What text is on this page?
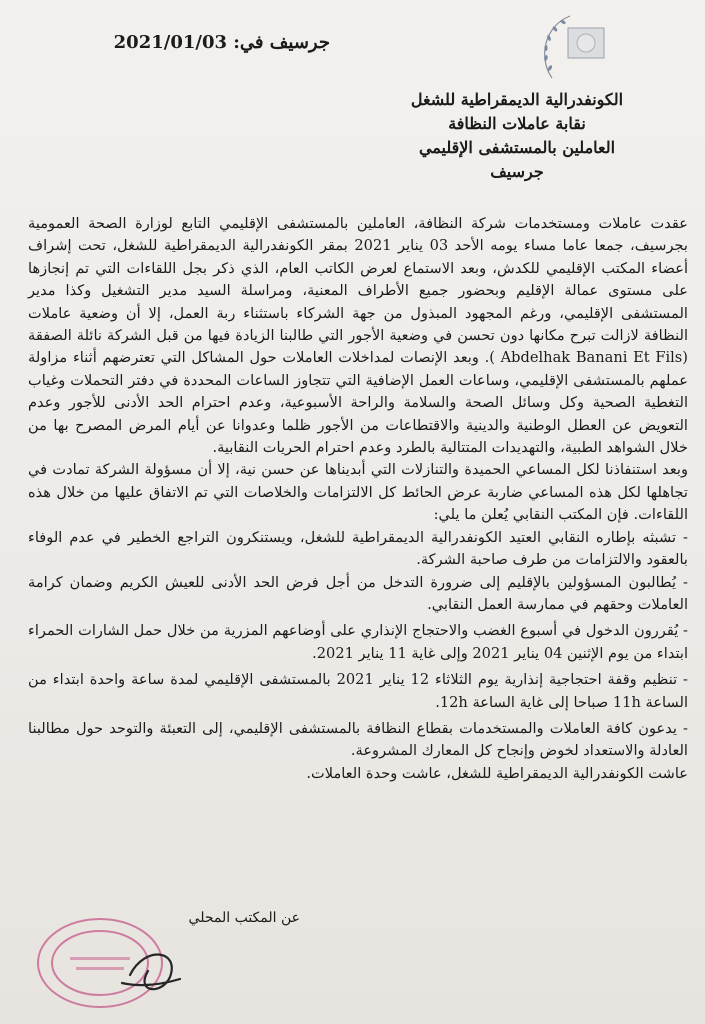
جرسيف في: 2021/01/03
الكونفدرالية الديمقراطية للشغل
نقابة عاملات النظافة
العاملين بالمستشفى الإقليمي
جرسيف

عقدت عاملات ومستخدمات شركة النظافة، العاملين بالمستشفى الإقليمي التابع لوزارة الصحة العمومية بجرسيف، جمعا عاما مساء يومه الأحد 03 يناير 2021 بمقر الكونفدرالية الديمقراطية للشغل، تحت إشراف أعضاء المكتب الإقليمي للكدش، وبعد الاستماع لعرض الكاتب العام، الذي ذكر بجل اللقاءات التي تم إنجازها على مستوى عمالة الإقليم وبحضور جميع الأطراف المعنية، ومراسلة السيد مدير التشغيل وكذا مدير المستشفى الإقليمي، ورغم المجهود المبذول من جهة الشركاء باستثناء ربة العمل، إلا أن وضعية عاملات النظافة لازالت تبرح مكانها دون تحسن في وضعية الأجور التي طالبنا الزيادة فيها من قبل الشركة نائلة الصفقة (Abdelhak Banani Et Fils ). وبعد الإنصات لمداخلات العاملات حول المشاكل التي تعترضهم أثناء مزاولة عملهم بالمستشفى الإقليمي، وساعات العمل الإضافية التي تتجاوز الساعات المحددة في دفتر التحملات وغياب التغطية الصحية وكل وسائل الصحة والسلامة والراحة الأسبوعية، وعدم احترام الحد الأدنى للأجور وعدم التعويض عن العطل الوطنية والدينية والاقتطاعات من الأجور ظلما وعدوانا عن أيام المرض المصرح بها من خلال الشواهد الطبية، والتهديدات المتتالية بالطرد وعدم احترام الحريات النقابية.

وبعد استنفاذنا لكل المساعي الحميدة والتنازلات التي أبديناها عن حسن نية، إلا أن مسؤولة الشركة تمادت في تجاهلها لكل هذه المساعي ضاربة عرض الحائط كل الالتزامات والخلاصات التي تم الاتفاق عليها من خلال هذه اللقاءات. فإن المكتب النقابي يُعلن ما يلي:

- تشبثه بإطاره النقابي العتيد الكونفدرالية الديمقراطية للشغل، ويستنكرون التراجع الخطير في عدم الوفاء بالعقود والالتزامات من طرف صاحبة الشركة.

- يُطالبون المسؤولين بالإقليم إلى ضرورة التدخل من أجل فرض الحد الأدنى للعيش الكريم وضمان كرامة العاملات وحقهم في ممارسة العمل النقابي.

- يُقررون الدخول في أسبوع الغضب والاحتجاج الإنذاري على أوضاعهم المزرية من خلال حمل الشارات الحمراء ابتداء من يوم الإثنين 04 يناير 2021 وإلى غاية 11 يناير 2021.

- تنظيم وقفة احتجاجية إنذارية يوم الثلاثاء 12 يناير 2021 بالمستشفى الإقليمي لمدة ساعة واحدة ابتداء من الساعة 11h صباحا إلى غاية الساعة 12h.

- يدعون كافة العاملات والمستخدمات بقطاع النظافة بالمستشفى الإقليمي، إلى التعبئة والتوحد حول مطالبنا العادلة والاستعداد لخوض وإنجاح كل المعارك المشروعة.

عاشت الكونفدرالية الديمقراطية للشغل، عاشت وحدة العاملات.

عن المكتب المحلي
